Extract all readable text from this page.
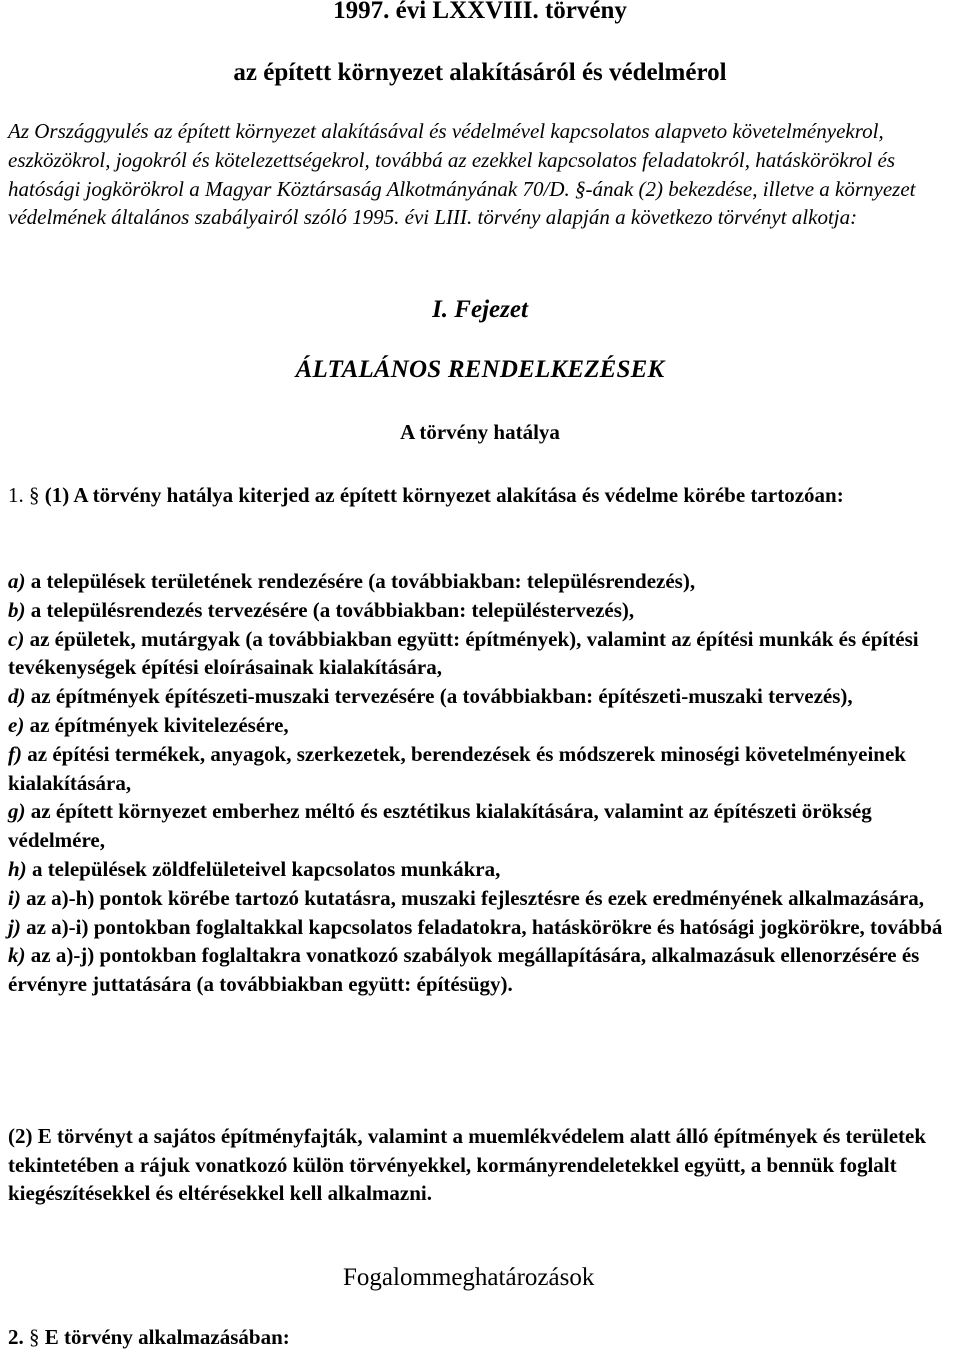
1997. évi LXXVIII. törvény
az épített környezet alakításáról és védelmérol

Az Országgyulés az épített környezet alakításával és védelmével kapcsolatos alapveto követelményekrol, eszközökrol, jogokról és kötelezettségekrol, továbbá az ezekkel kapcsolatos feladatokról, hatáskörökrol és hatósági jogkörökrol a Magyar Köztársaság Alkotmányának 70/D. §-ának (2) bekezdése, illetve a környezet védelmének általános szabályairól szóló 1995. évi LIII. törvény alapján a következo törvényt alkotja:

I. Fejezet
ÁLTALÁNOS RENDELKEZÉSEK
A törvény hatálya

1. § (1) A törvény hatálya kiterjed az épített környezet alakítása és védelme körébe tartozóan:

a) a települések területének rendezésére (a továbbiakban: településrendezés),

b) a településrendezés tervezésére (a továbbiakban: településtervezés),

c) az épületek, mutárgyak (a továbbiakban együtt: építmények), valamint az építési munkák és építési tevékenységek építési eloírásainak kialakítására,

d) az építmények építészeti-muszaki tervezésére (a továbbiakban: építészeti-muszaki tervezés),

e) az építmények kivitelezésére,

f) az építési termékek, anyagok, szerkezetek, berendezések és módszerek minoségi követelményeinek kialakítására,

g) az épített környezet emberhez méltó és esztétikus kialakítására, valamint az építészeti örökség védelmére,

h) a települések zöldfelületeivel kapcsolatos munkákra,

i) az a)-h) pontok körébe tartozó kutatásra, muszaki fejlesztésre és ezek eredményének alkalmazására,

j) az a)-i) pontokban foglaltakkal kapcsolatos feladatokra, hatáskörökre és hatósági jogkörökre, továbbá

k) az a)-j) pontokban foglaltakra vonatkozó szabályok megállapítására, alkalmazásuk ellenorzésére és érvényre juttatására (a továbbiakban együtt: építésügy).

(2) E törvényt a sajátos építményfajták, valamint a muemlékvédelem alatt álló építmények és területek tekintetében a rájuk vonatkozó külön törvényekkel, kormányrendeletekkel együtt, a bennük foglalt kiegészítésekkel és eltérésekkel kell alkalmazni.

Fogalommeghatározások

2. § E törvény alkalmazásában:
